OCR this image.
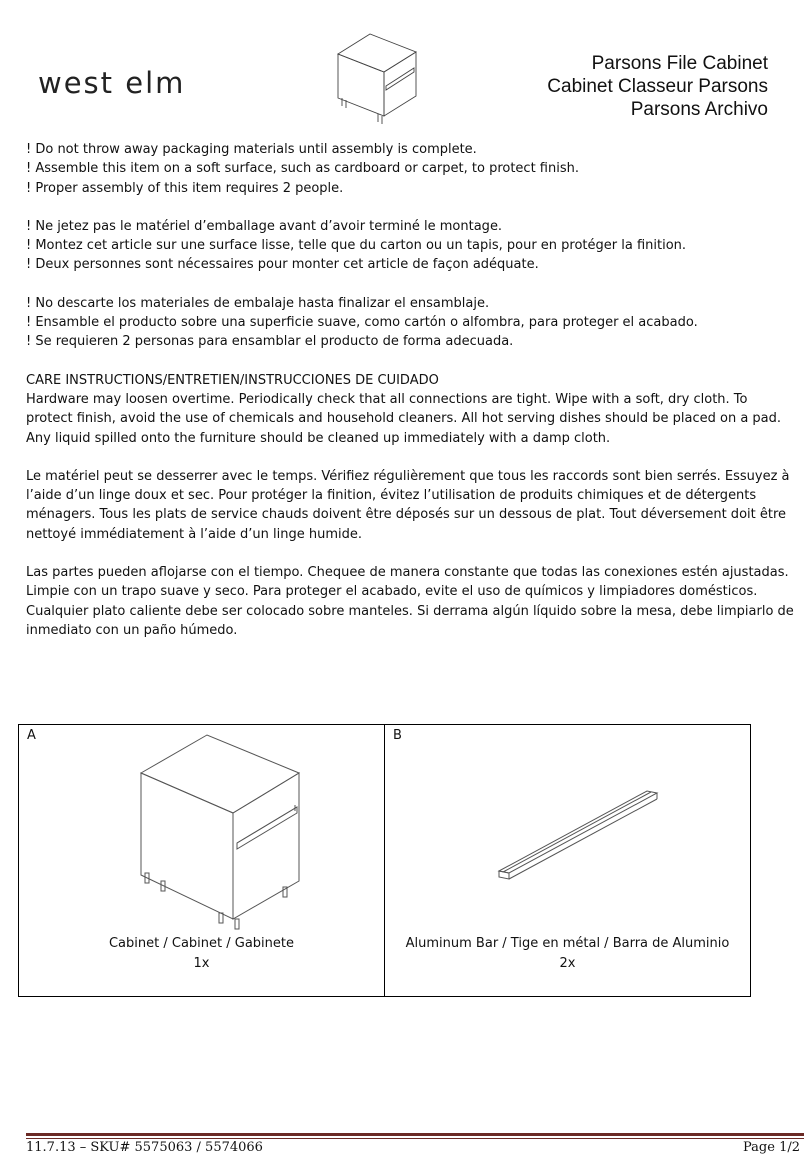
west elm
Parsons File Cabinet
Cabinet Classeur Parsons
Parsons Archivo
! Do not throw away packaging materials until assembly is complete.
! Assemble this item on a soft surface, such as cardboard or carpet, to protect finish.
! Proper assembly of this item requires 2 people.
! Ne jetez pas le matériel d’emballage avant d’avoir terminé le montage.
! Montez cet article sur une surface lisse, telle que du carton ou un tapis, pour en protéger la finition.
! Deux personnes sont nécessaires pour monter cet article de façon adéquate.
! No descarte los materiales de embalaje hasta finalizar el ensamblaje.
! Ensamble el producto sobre una superficie suave, como cartón o alfombra, para proteger el acabado.
! Se requieren 2 personas para ensamblar el producto de forma adecuada.
CARE INSTRUCTIONS/ENTRETIEN/INSTRUCCIONES DE CUIDADO
Hardware may loosen overtime. Periodically check that all connections are tight. Wipe with a soft, dry cloth. To
protect finish, avoid the use of chemicals and household cleaners. All hot serving dishes should be placed on a pad.
Any liquid spilled onto the furniture should be cleaned up immediately with a damp cloth.
Le matériel peut se desserrer avec le temps. Vérifiez régulièrement que tous les raccords sont bien serrés. Essuyez à
l’aide d’un linge doux et sec. Pour protéger la finition, évitez l’utilisation de produits chimiques et de détergents
ménagers. Tous les plats de service chauds doivent être déposés sur un dessous de plat. Tout déversement doit être
nettoyé immédiatement à l’aide d’un linge humide.
Las partes pueden aflojarse con el tiempo. Chequee de manera constante que todas las conexiones estén ajustadas.
Limpie con un trapo suave y seco. Para proteger el acabado, evite el uso de químicos y limpiadores domésticos.
Cualquier plato caliente debe ser colocado sobre manteles. Si derrama algún líquido sobre la mesa, debe limpiarlo de
inmediato con un paño húmedo.
A
Cabinet / Cabinet / Gabinete
1x
B
Aluminum Bar / Tige en métal / Barra de Aluminio
2x
11.7.13 – SKU# 5575063 / 5574066	Page 1/2
